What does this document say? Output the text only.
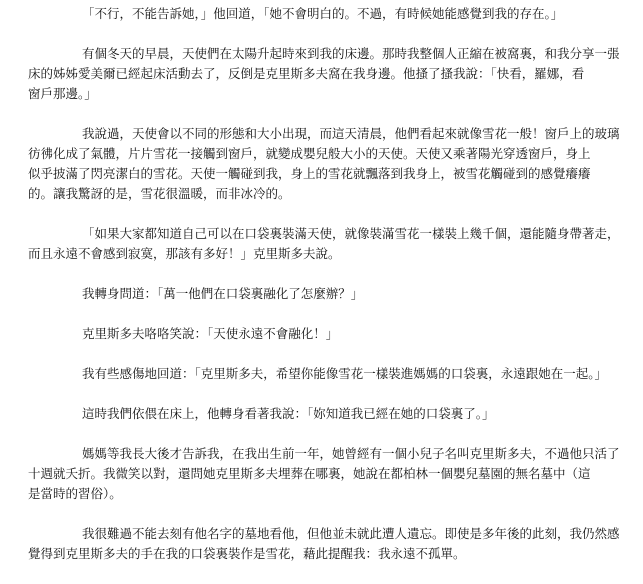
「不行，不能告訴她，」他回道，「她不會明白的。不過，有時候她能感覺到我的存在。」
有個冬天的早晨，天使們在太陽升起時來到我的床邊。那時我整個人正縮在被窩裏，和我分享一張
床的姊姊愛美爾已經起床活動去了，反倒是克里斯多夫窩在我身邊。他搔了搔我說：「快看，羅娜，看
窗戶那邊。」
我說過，天使會以不同的形態和大小出現，而這天清晨，他們看起來就像雪花一般！窗戶上的玻璃
彷彿化成了氣體，片片雪花一接觸到窗戶，就變成嬰兒般大小的天使。天使又乘著陽光穿透窗戶，身上
似乎披滿了閃亮潔白的雪花。天使一觸碰到我，身上的雪花就飄落到我身上，被雪花觸碰到的感覺癢癢
的。讓我驚訝的是，雪花很溫暖，而非冰冷的。
「如果大家都知道自己可以在口袋裏裝滿天使，就像裝滿雪花一樣裝上幾千個，還能隨身帶著走，
而且永遠不會感到寂寞，那該有多好！」克里斯多夫說。
我轉身問道：「萬一他們在口袋裏融化了怎麼辦？」
克里斯多夫咯咯笑說：「天使永遠不會融化！」
我有些感傷地回道：「克里斯多夫，希望你能像雪花一樣裝進媽媽的口袋裏，永遠跟她在一起。」
這時我們依偎在床上，他轉身看著我說：「妳知道我已經在她的口袋裏了。」
媽媽等我長大後才告訴我，在我出生前一年，她曾經有一個小兒子名叫克里斯多夫，不過他只活了
十週就夭折。我微笑以對，還問她克里斯多夫埋葬在哪裏，她說在都柏林一個嬰兒墓園的無名墓中（這
是當時的習俗）。
我很難過不能去刻有他名字的墓地看他，但他並未就此遭人遺忘。即使是多年後的此刻，我仍然感
覺得到克里斯多夫的手在我的口袋裏裝作是雪花，藉此提醒我：我永遠不孤單。
